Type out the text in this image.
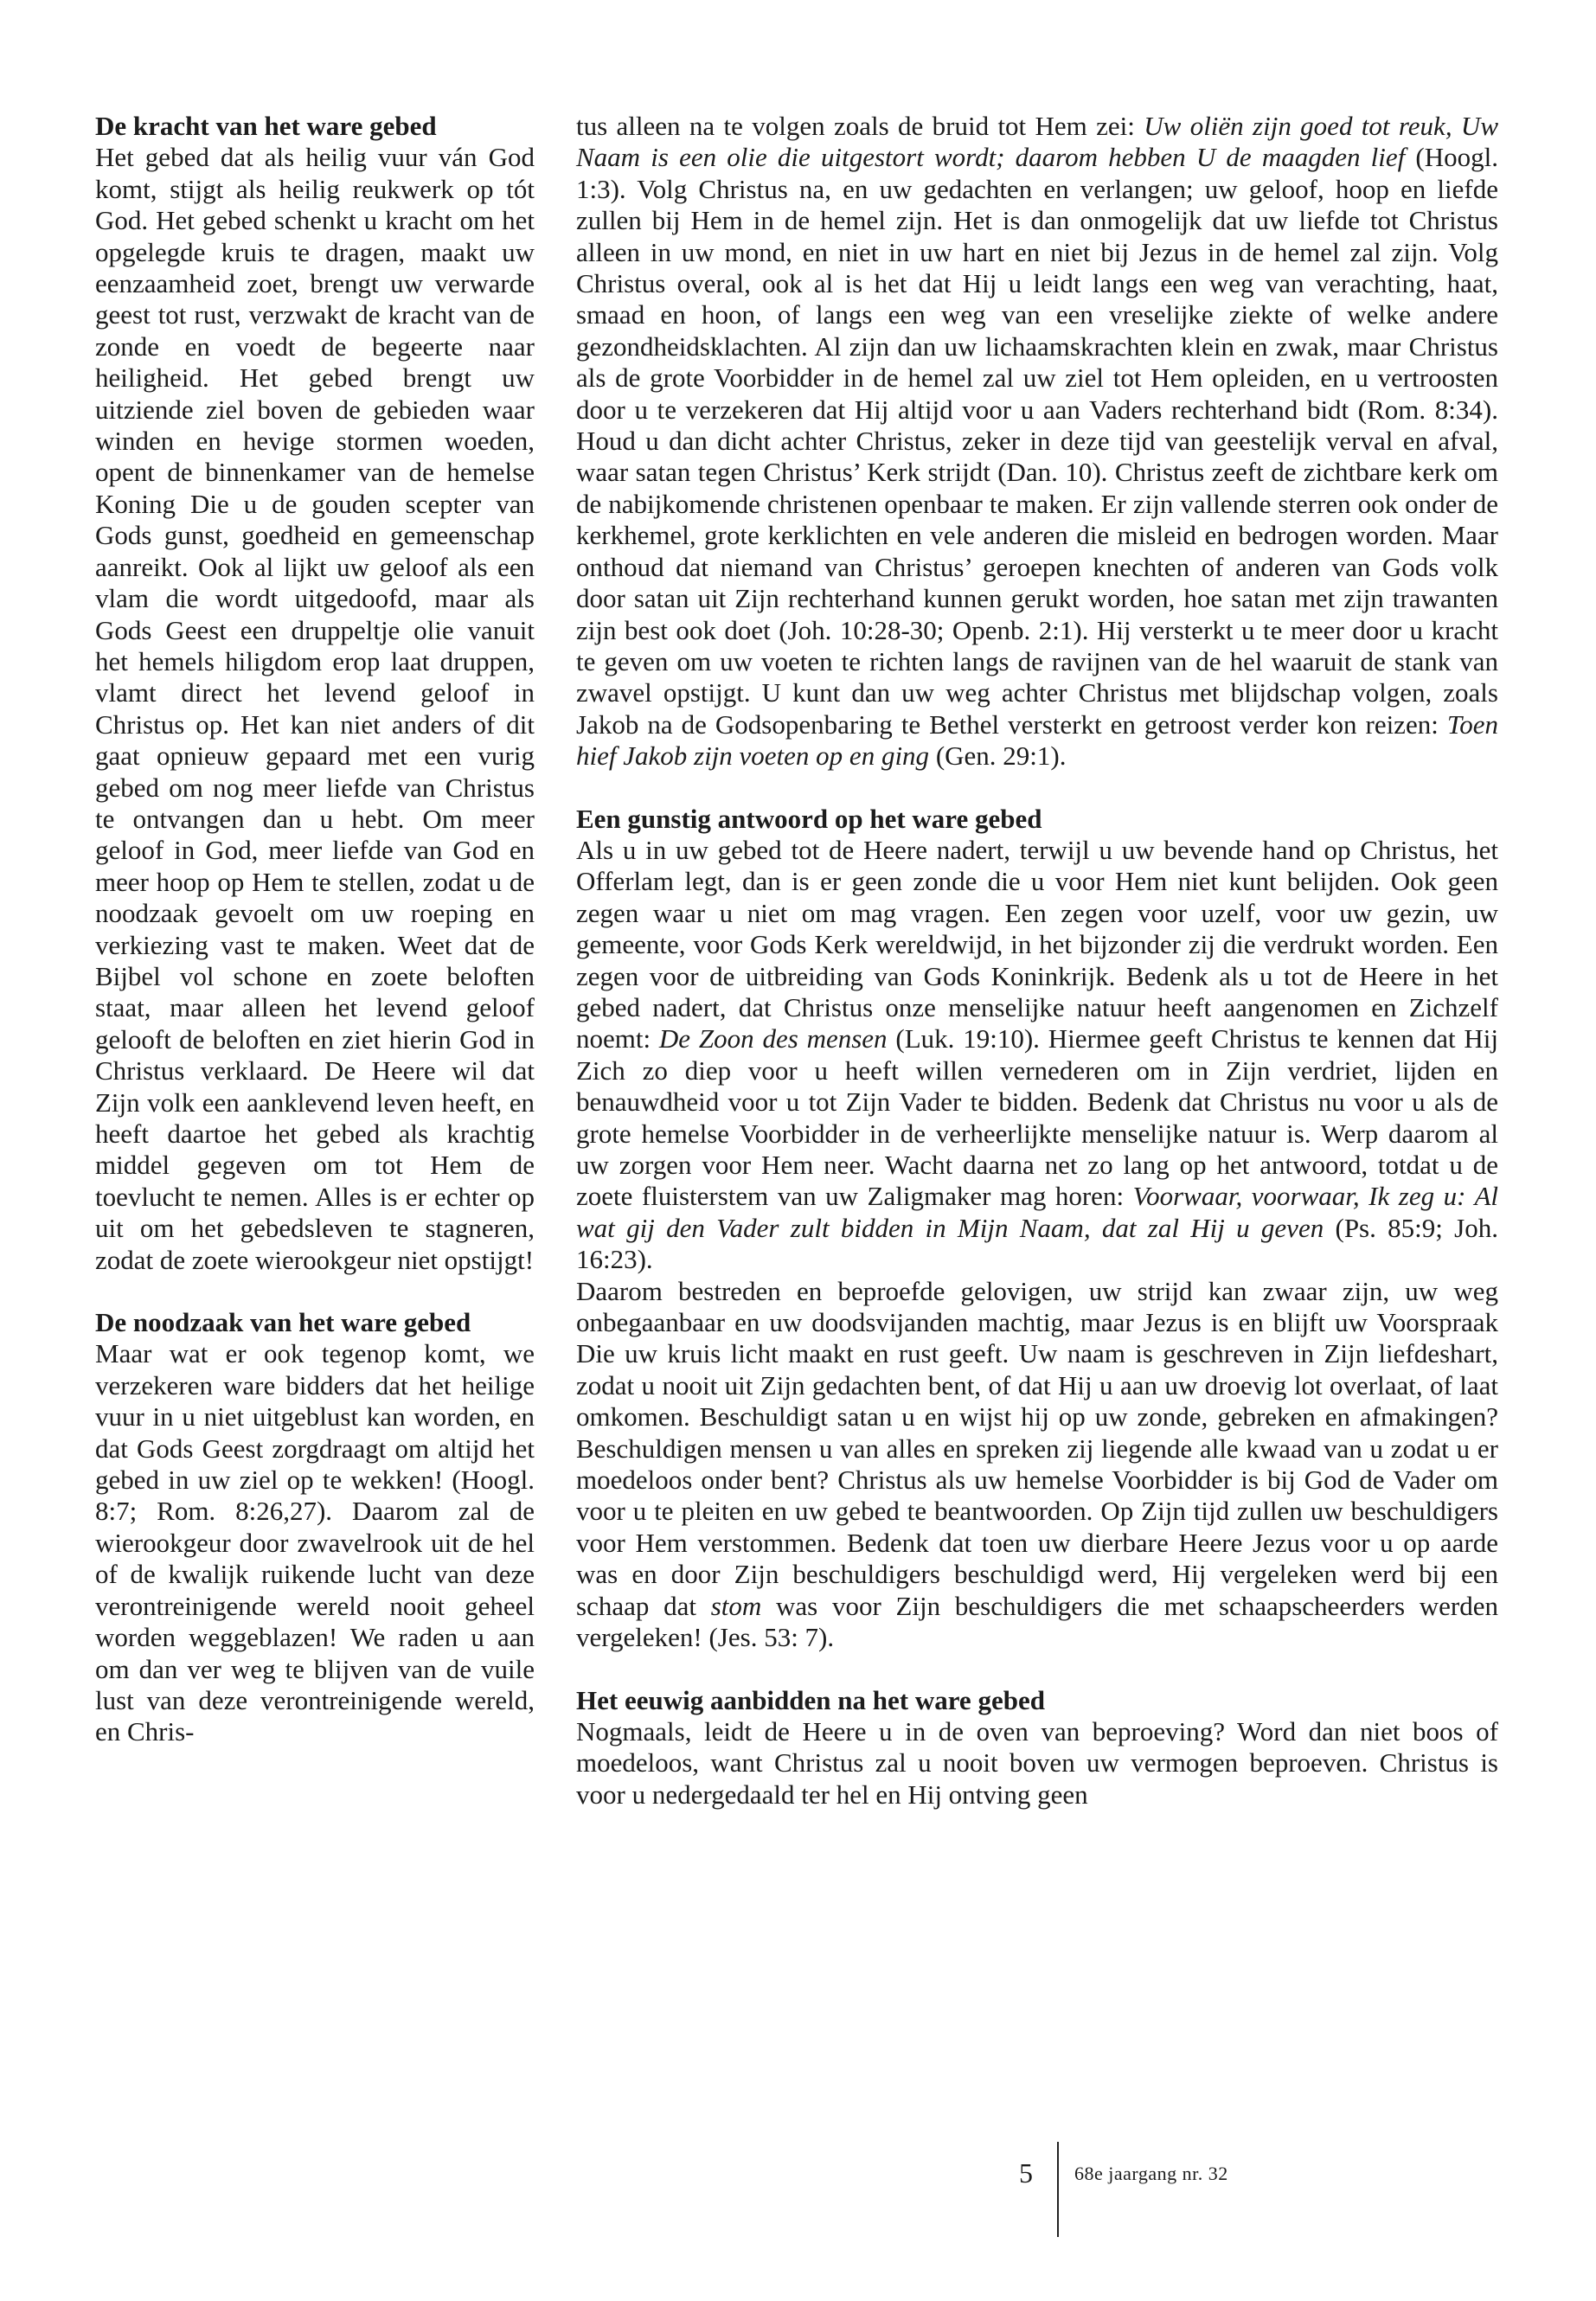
De kracht van het ware gebed

Het gebed dat als heilig vuur ván God komt, stijgt als heilig reukwerk op tót God. Het gebed schenkt u kracht om het opgelegde kruis te dragen, maakt uw eenzaamheid zoet, brengt uw verwarde geest tot rust, verzwakt de kracht van de zonde en voedt de begeerte naar heiligheid. Het gebed brengt uw uitziende ziel boven de gebieden waar winden en hevige stormen woeden, opent de binnenkamer van de hemelse Koning Die u de gouden scepter van Gods gunst, goedheid en gemeenschap aanreikt. Ook al lijkt uw geloof als een vlam die wordt uitgedoofd, maar als Gods Geest een druppeltje olie vanuit het hemels hiligdom erop laat druppen, vlamt direct het levend geloof in Christus op. Het kan niet anders of dit gaat opnieuw gepaard met een vurig gebed om nog meer liefde van Christus te ontvangen dan u hebt. Om meer geloof in God, meer liefde van God en meer hoop op Hem te stellen, zodat u de noodzaak gevoelt om uw roeping en verkiezing vast te maken. Weet dat de Bijbel vol schone en zoete beloften staat, maar alleen het levend geloof gelooft de beloften en ziet hierin God in Christus verklaard. De Heere wil dat Zijn volk een aanklevend leven heeft, en heeft daartoe het gebed als krachtig middel gegeven om tot Hem de toevlucht te nemen. Alles is er echter op uit om het gebedsleven te stagneren, zodat de zoete wierookgeur niet opstijgt!

De noodzaak van het ware gebed

Maar wat er ook tegenop komt, we verzekeren ware bidders dat het heilige vuur in u niet uitgeblust kan worden, en dat Gods Geest zorgdraagt om altijd het gebed in uw ziel op te wekken! (Hoogl. 8:7; Rom. 8:26,27). Daarom zal de wierookgeur door zwavelrook uit de hel of de kwalijk ruikende lucht van deze verontreinigende wereld nooit geheel worden weggeblazen! We raden u aan om dan ver weg te blijven van de vuile lust van deze verontreinigende wereld, en Chris-

tus alleen na te volgen zoals de bruid tot Hem zei: Uw oliën zijn goed tot reuk, Uw Naam is een olie die uitgestort wordt; daarom hebben U de maagden lief (Hoogl. 1:3). Volg Christus na, en uw gedachten en verlangen; uw geloof, hoop en liefde zullen bij Hem in de hemel zijn. Het is dan onmogelijk dat uw liefde tot Christus alleen in uw mond, en niet in uw hart en niet bij Jezus in de hemel zal zijn. Volg Christus overal, ook al is het dat Hij u leidt langs een weg van verachting, haat, smaad en hoon, of langs een weg van een vreselijke ziekte of welke andere gezondheidsklachten. Al zijn dan uw lichaamskrachten klein en zwak, maar Christus als de grote Voorbidder in de hemel zal uw ziel tot Hem opleiden, en u vertroosten door u te verzekeren dat Hij altijd voor u aan Vaders rechterhand bidt (Rom. 8:34). Houd u dan dicht achter Christus, zeker in deze tijd van geestelijk verval en afval, waar satan tegen Christus’ Kerk strijdt (Dan. 10). Christus zeeft de zichtbare kerk om de nabijkomende christenen openbaar te maken. Er zijn vallende sterren ook onder de kerkhemel, grote kerklichten en vele anderen die misleid en bedrogen worden. Maar onthoud dat niemand van Christus’ geroepen knechten of anderen van Gods volk door satan uit Zijn rechterhand kunnen gerukt worden, hoe satan met zijn trawanten zijn best ook doet (Joh. 10:28-30; Openb. 2:1). Hij versterkt u te meer door u kracht te geven om uw voeten te richten langs de ravijnen van de hel waaruit de stank van zwavel opstijgt. U kunt dan uw weg achter Christus met blijdschap volgen, zoals Jakob na de Godsopenbaring te Bethel versterkt en getroost verder kon reizen: Toen hief Jakob zijn voeten op en ging (Gen. 29:1).

Een gunstig antwoord op het ware gebed

Als u in uw gebed tot de Heere nadert, terwijl u uw bevende hand op Christus, het Offerlam legt, dan is er geen zonde die u voor Hem niet kunt belijden. Ook geen zegen waar u niet om mag vragen. Een zegen voor uzelf, voor uw gezin, uw gemeente, voor Gods Kerk wereldwijd, in het bijzonder zij die verdrukt worden. Een zegen voor de uitbreiding van Gods Koninkrijk. Bedenk als u tot de Heere in het gebed nadert, dat Christus onze menselijke natuur heeft aangenomen en Zichzelf noemt: De Zoon des mensen (Luk. 19:10). Hiermee geeft Christus te kennen dat Hij Zich zo diep voor u heeft willen vernederen om in Zijn verdriet, lijden en benauwdheid voor u tot Zijn Vader te bidden. Bedenk dat Christus nu voor u als de grote hemelse Voorbidder in de verheerlijkte menselijke natuur is. Werp daarom al uw zorgen voor Hem neer. Wacht daarna net zo lang op het antwoord, totdat u de zoete fluisterstem van uw Zaligmaker mag horen: Voorwaar, voorwaar, Ik zeg u: Al wat gij den Vader zult bidden in Mijn Naam, dat zal Hij u geven (Ps. 85:9; Joh. 16:23).

Daarom bestreden en beproefde gelovigen, uw strijd kan zwaar zijn, uw weg onbegaanbaar en uw doodsvijanden machtig, maar Jezus is en blijft uw Voorspraak Die uw kruis licht maakt en rust geeft. Uw naam is geschreven in Zijn liefdeshart, zodat u nooit uit Zijn gedachten bent, of dat Hij u aan uw droevig lot overlaat, of laat omkomen. Beschuldigt satan u en wijst hij op uw zonde, gebreken en afmakingen? Beschuldigen mensen u van alles en spreken zij liegende alle kwaad van u zodat u er moedeloos onder bent? Christus als uw hemelse Voorbidder is bij God de Vader om voor u te pleiten en uw gebed te beantwoorden. Op Zijn tijd zullen uw beschuldigers voor Hem verstommen. Bedenk dat toen uw dierbare Heere Jezus voor u op aarde was en door Zijn beschuldigers beschuldigd werd, Hij vergeleken werd bij een schaap dat stom was voor Zijn beschuldigers die met schaapscheerders werden vergeleken! (Jes. 53: 7).

Het eeuwig aanbidden na het ware gebed

Nogmaals, leidt de Heere u in de oven van beproeving? Word dan niet boos of moedeloos, want Christus zal u nooit boven uw vermogen beproeven. Christus is voor u nedergedaald ter hel en Hij ontving geen

5 68e jaargang nr. 32
